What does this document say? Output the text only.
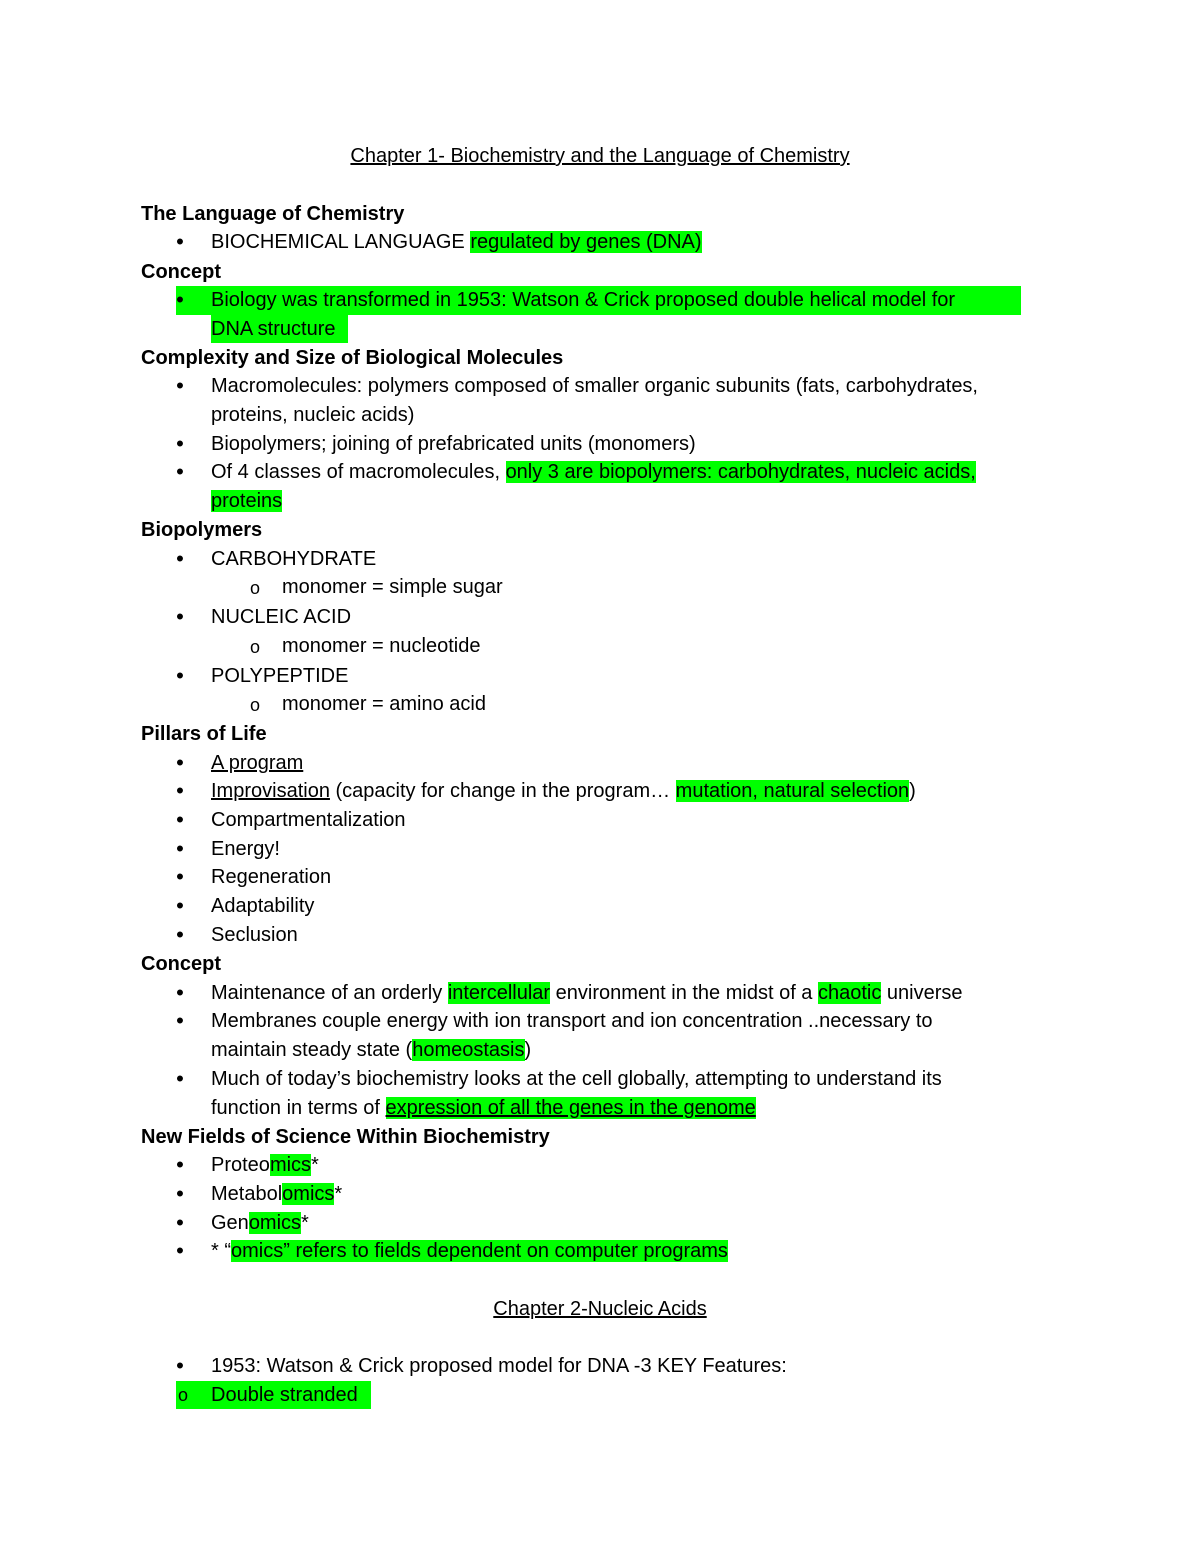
Chapter 1- Biochemistry and the Language of Chemistry

The Language of Chemistry

•	BIOCHEMICAL LANGUAGE regulated by genes (DNA)

Concept

•	Biology was transformed in 1953: Watson & Crick proposed double helical model for
DNA structure

Complexity and Size of Biological Molecules

•	Macromolecules: polymers composed of smaller organic subunits (fats, carbohydrates,
proteins, nucleic acids)
•	Biopolymers; joining of prefabricated units (monomers)
•	Of 4 classes of macromolecules, only 3 are biopolymers: carbohydrates, nucleic acids,
proteins

Biopolymers

•	CARBOHYDRATE
o	monomer = simple sugar
•	NUCLEIC ACID
o	monomer = nucleotide
•	POLYPEPTIDE
o	monomer = amino acid

Pillars of Life

•	A program
•	Improvisation (capacity for change in the program… mutation, natural selection)
•	Compartmentalization
•	Energy!
•	Regeneration
•	Adaptability
•	Seclusion

Concept

•	Maintenance of an orderly intercellular environment in the midst of a chaotic universe
•	Membranes couple energy with ion transport and ion concentration ..necessary to
maintain steady state (homeostasis)
•	Much of today’s biochemistry looks at the cell globally, attempting to understand its
function in terms of expression of all the genes in the genome

New Fields of Science Within Biochemistry

•	Proteomics*
•	Metabolomics*
•	Genomics*
•	* “omics” refers to fields dependent on computer programs

Chapter 2-Nucleic Acids

•	1953: Watson & Crick proposed model for DNA -3 KEY Features:
o	Double stranded
